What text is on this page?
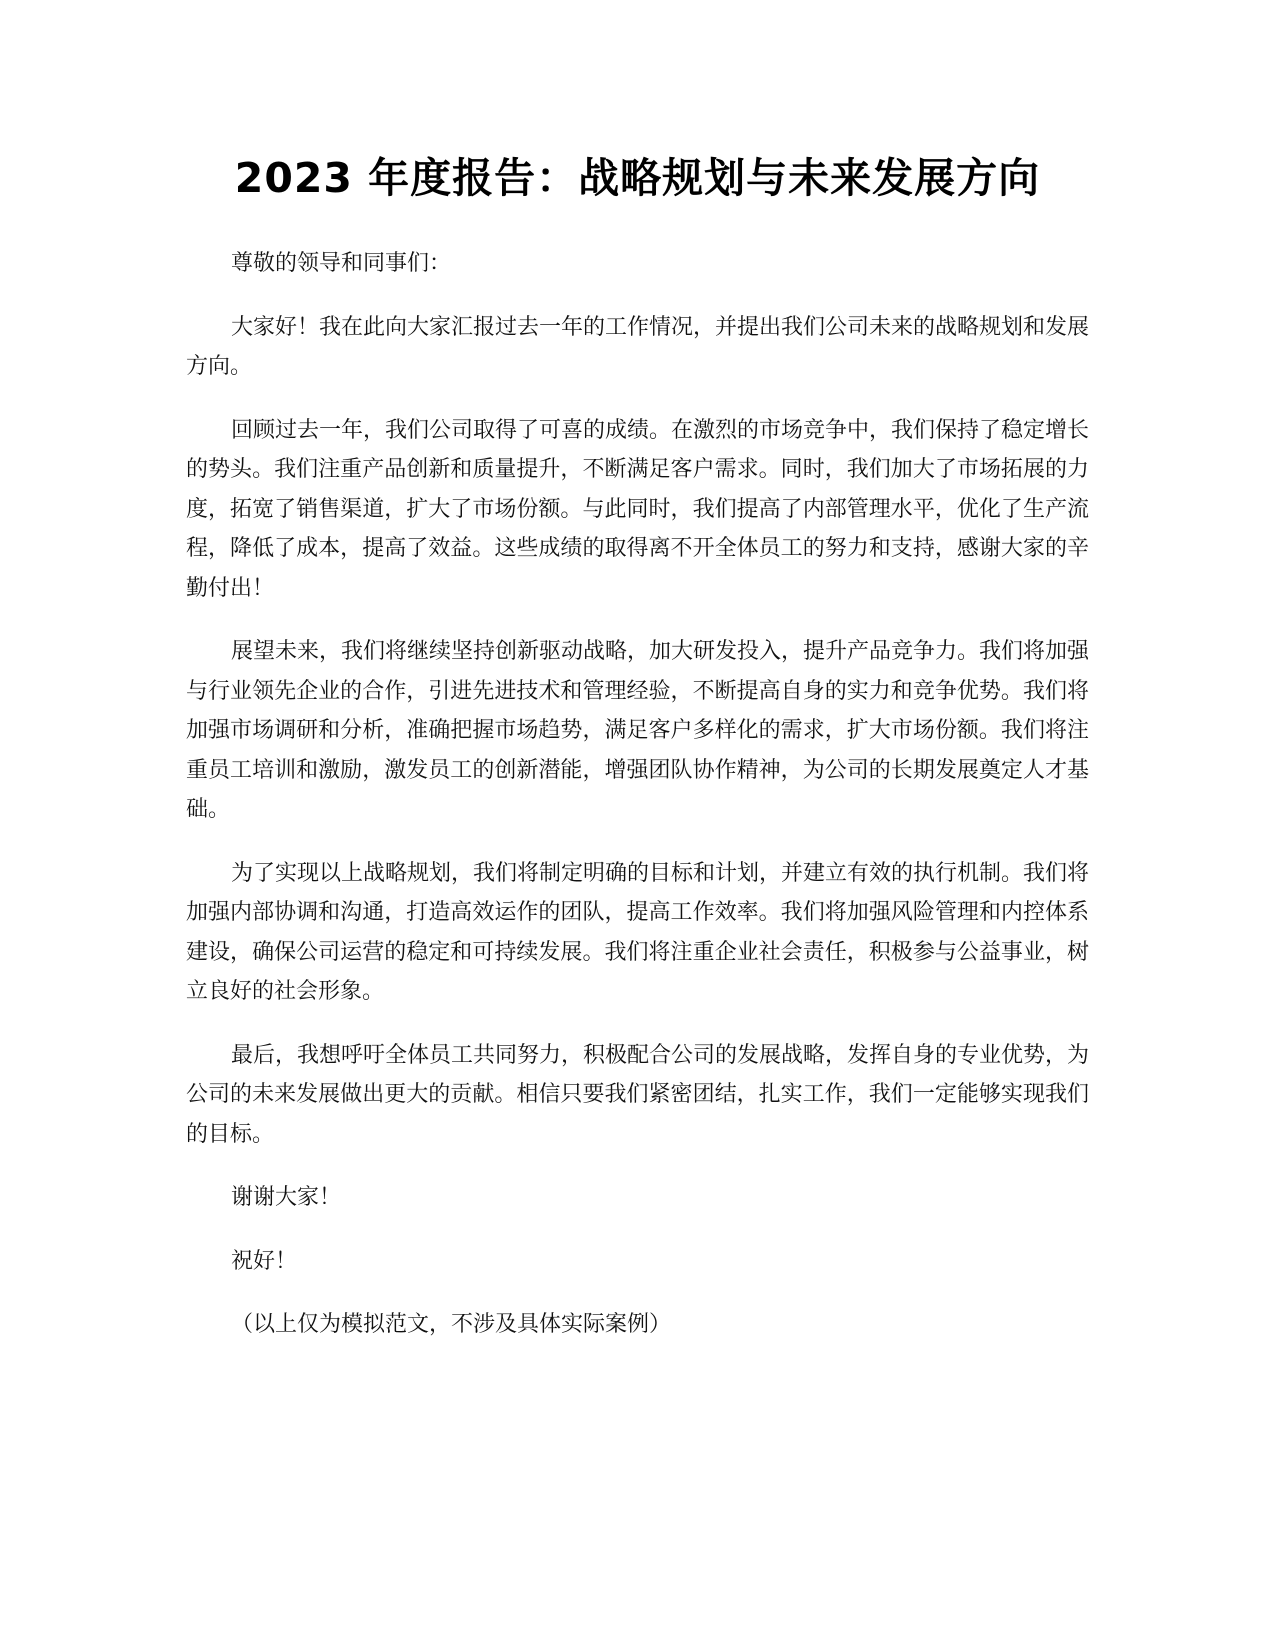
2023 年度报告：战略规划与未来发展方向

尊敬的领导和同事们：

大家好！我在此向大家汇报过去一年的工作情况，并提出我们公司未来的战略规划和发展方向。

回顾过去一年，我们公司取得了可喜的成绩。在激烈的市场竞争中，我们保持了稳定增长的势头。我们注重产品创新和质量提升，不断满足客户需求。同时，我们加大了市场拓展的力度，拓宽了销售渠道，扩大了市场份额。与此同时，我们提高了内部管理水平，优化了生产流程，降低了成本，提高了效益。这些成绩的取得离不开全体员工的努力和支持，感谢大家的辛勤付出！

展望未来，我们将继续坚持创新驱动战略，加大研发投入，提升产品竞争力。我们将加强与行业领先企业的合作，引进先进技术和管理经验，不断提高自身的实力和竞争优势。我们将加强市场调研和分析，准确把握市场趋势，满足客户多样化的需求，扩大市场份额。我们将注重员工培训和激励，激发员工的创新潜能，增强团队协作精神，为公司的长期发展奠定人才基础。

为了实现以上战略规划，我们将制定明确的目标和计划，并建立有效的执行机制。我们将加强内部协调和沟通，打造高效运作的团队，提高工作效率。我们将加强风险管理和内控体系建设，确保公司运营的稳定和可持续发展。我们将注重企业社会责任，积极参与公益事业，树立良好的社会形象。

最后，我想呼吁全体员工共同努力，积极配合公司的发展战略，发挥自身的专业优势，为公司的未来发展做出更大的贡献。相信只要我们紧密团结，扎实工作，我们一定能够实现我们的目标。

谢谢大家！

祝好！

（以上仅为模拟范文，不涉及具体实际案例）
